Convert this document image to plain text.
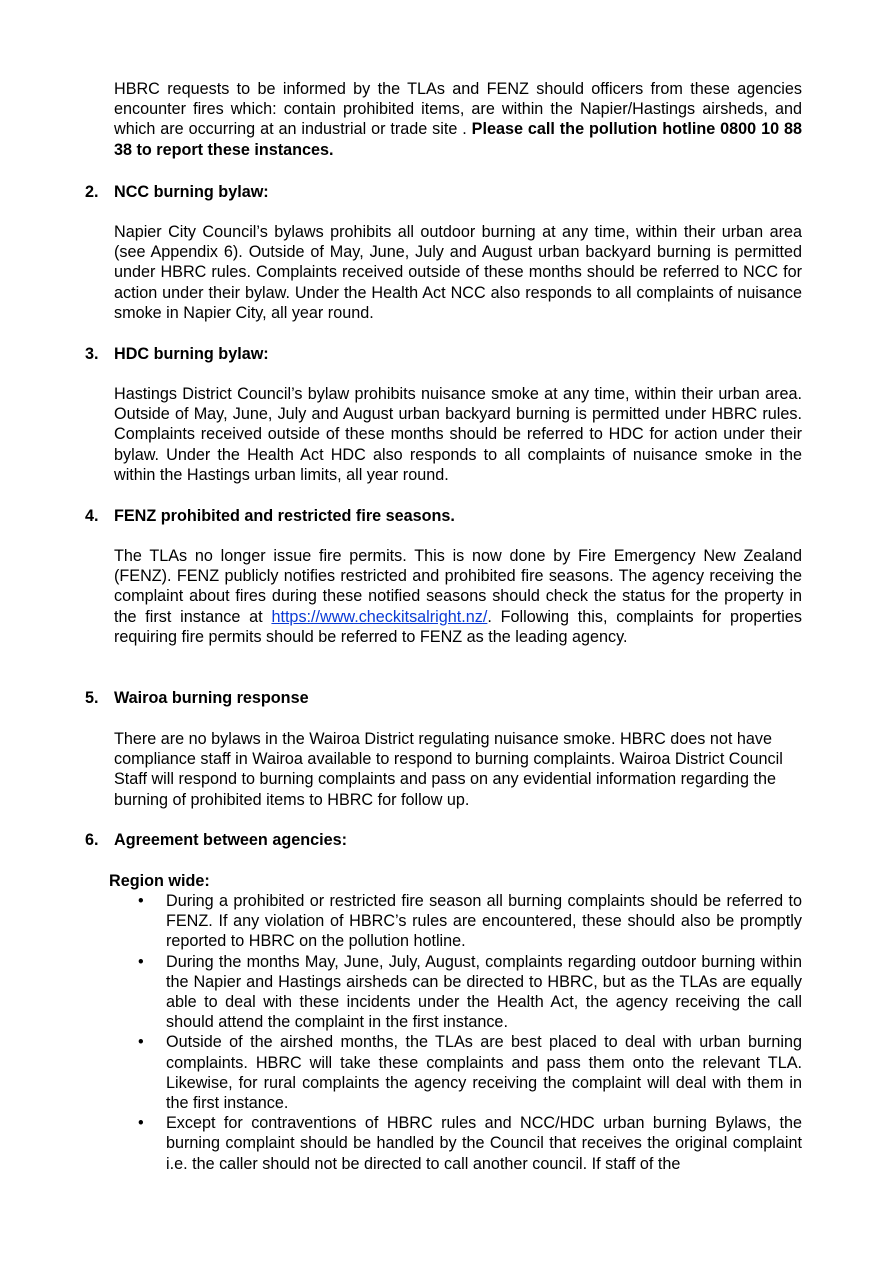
HBRC requests to be informed by the TLAs and FENZ should officers from these agencies encounter fires which: contain prohibited items, are within the Napier/Hastings airsheds, and which are occurring at an industrial or trade site . Please call the pollution hotline 0800 10 88 38 to report these instances.

2. NCC burning bylaw:

Napier City Council’s bylaws prohibits all outdoor burning at any time, within their urban area (see Appendix 6). Outside of May, June, July and August urban backyard burning is permitted under HBRC rules. Complaints received outside of these months should be referred to NCC for action under their bylaw. Under the Health Act NCC also responds to all complaints of nuisance smoke in Napier City, all year round.

3. HDC burning bylaw:

Hastings District Council’s bylaw prohibits nuisance smoke at any time, within their urban area. Outside of May, June, July and August urban backyard burning is permitted under HBRC rules. Complaints received outside of these months should be referred to HDC for action under their bylaw. Under the Health Act HDC also responds to all complaints of nuisance smoke in the within the Hastings urban limits, all year round.

4. FENZ prohibited and restricted fire seasons.

The TLAs no longer issue fire permits. This is now done by Fire Emergency New Zealand (FENZ). FENZ publicly notifies restricted and prohibited fire seasons. The agency receiving the complaint about fires during these notified seasons should check the status for the property in the first instance at https://www.checkitsalright.nz/. Following this, complaints for properties requiring fire permits should be referred to FENZ as the leading agency.

5. Wairoa burning response

There are no bylaws in the Wairoa District regulating nuisance smoke. HBRC does not have compliance staff in Wairoa available to respond to burning complaints. Wairoa District Council Staff will respond to burning complaints and pass on any evidential information regarding the burning of prohibited items to HBRC for follow up.

6. Agreement between agencies:
Region wide:
• During a prohibited or restricted fire season all burning complaints should be referred to FENZ. If any violation of HBRC’s rules are encountered, these should also be promptly reported to HBRC on the pollution hotline.
• During the months May, June, July, August, complaints regarding outdoor burning within the Napier and Hastings airsheds can be directed to HBRC, but as the TLAs are equally able to deal with these incidents under the Health Act, the agency receiving the call should attend the complaint in the first instance.
• Outside of the airshed months, the TLAs are best placed to deal with urban burning complaints. HBRC will take these complaints and pass them onto the relevant TLA. Likewise, for rural complaints the agency receiving the complaint will deal with them in the first instance.
• Except for contraventions of HBRC rules and NCC/HDC urban burning Bylaws, the burning complaint should be handled by the Council that receives the original complaint i.e. the caller should not be directed to call another council. If staff of the
